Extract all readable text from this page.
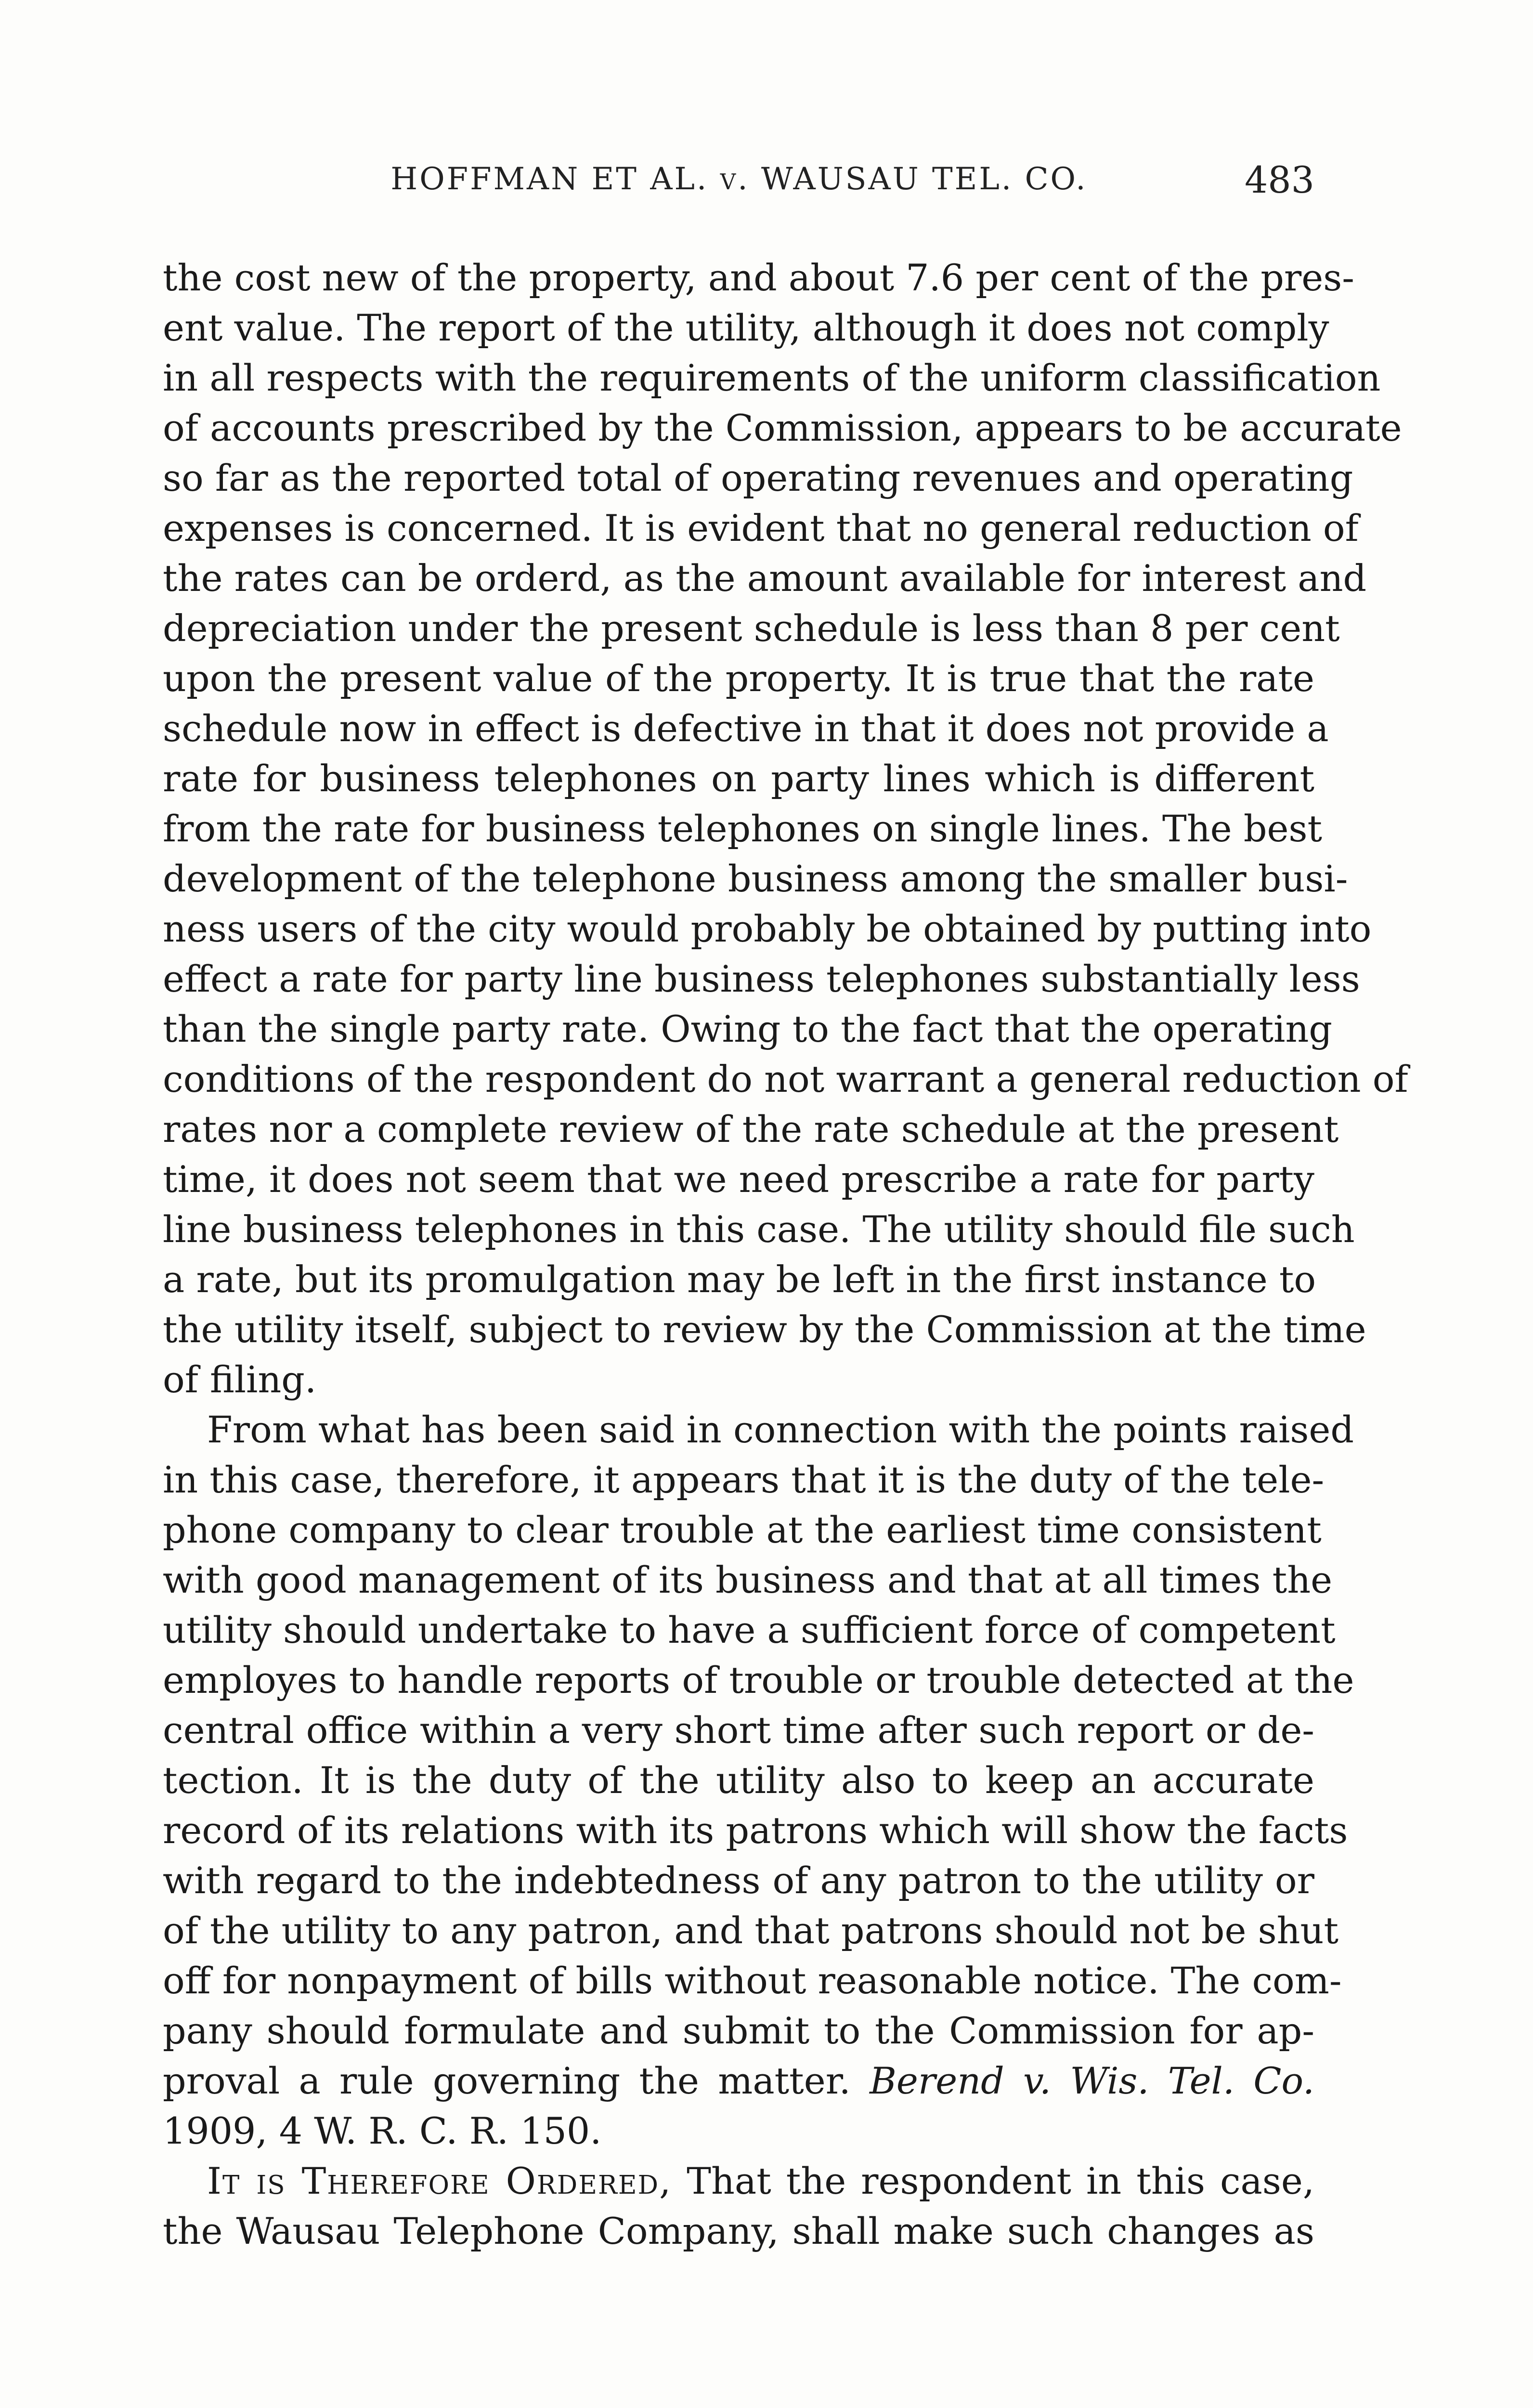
HOFFMAN ET AL. v. WAUSAU TEL. CO.	483
the cost new of the property, and about 7.6 per cent of the pres-
ent value. The report of the utility, although it does not comply
in all respects with the requirements of the uniform classification
of accounts prescribed by the Commission, appears to be accurate
so far as the reported total of operating revenues and operating
expenses is concerned. It is evident that no general reduction of
the rates can be orderd, as the amount available for interest and
depreciation under the present schedule is less than 8 per cent
upon the present value of the property. It is true that the rate
schedule now in effect is defective in that it does not provide a
rate for business telephones on party lines which is different
from the rate for business telephones on single lines. The best
development of the telephone business among the smaller busi-
ness users of the city would probably be obtained by putting into
effect a rate for party line business telephones substantially less
than the single party rate. Owing to the fact that the operating
conditions of the respondent do not warrant a general reduction of
rates nor a complete review of the rate schedule at the present
time, it does not seem that we need prescribe a rate for party
line business telephones in this case. The utility should file such
a rate, but its promulgation may be left in the first instance to
the utility itself, subject to review by the Commission at the time
of filing.
From what has been said in connection with the points raised
in this case, therefore, it appears that it is the duty of the tele-
phone company to clear trouble at the earliest time consistent
with good management of its business and that at all times the
utility should undertake to have a sufficient force of competent
employes to handle reports of trouble or trouble detected at the
central office within a very short time after such report or de-
tection. It is the duty of the utility also to keep an accurate
record of its relations with its patrons which will show the facts
with regard to the indebtedness of any patron to the utility or
of the utility to any patron, and that patrons should not be shut
off for nonpayment of bills without reasonable notice. The com-
pany should formulate and submit to the Commission for ap-
proval a rule governing the matter. Berend v. Wis. Tel. Co.
1909, 4 W. R. C. R. 150.
It is Therefore Ordered, That the respondent in this case,
the Wausau Telephone Company, shall make such changes as
